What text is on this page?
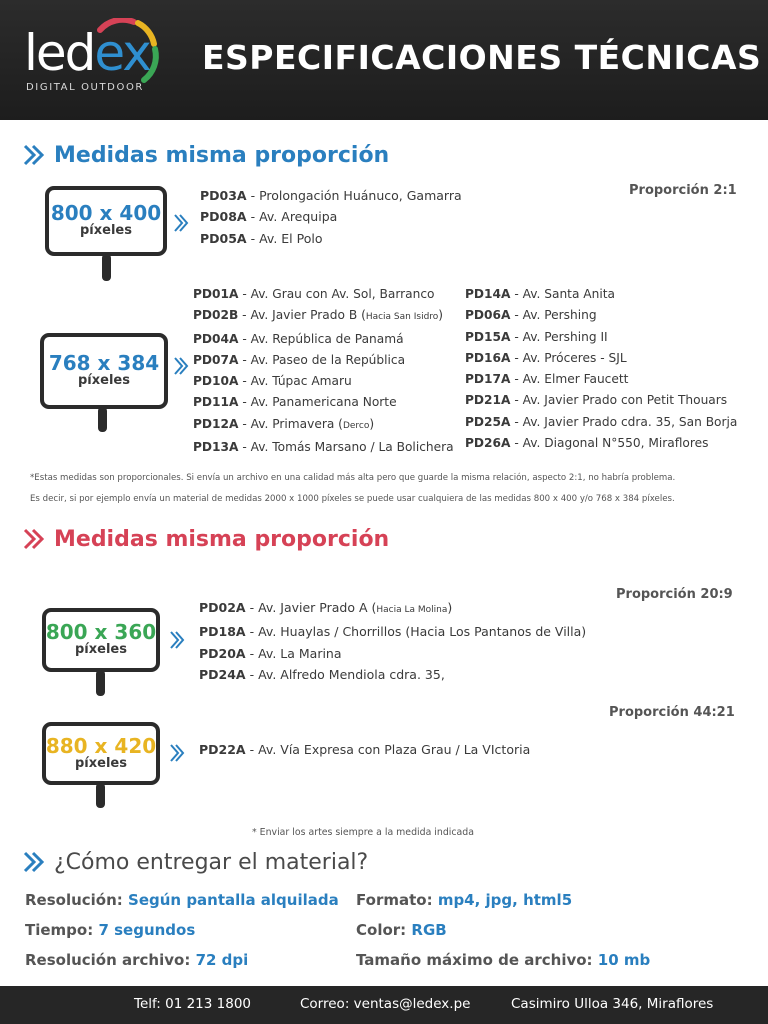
ledex
DIGITAL OUTDOOR
ESPECIFICACIONES TÉCNICAS
Medidas misma proporción
Proporción 2:1
800 x 400
píxeles
PD03A - Prolongación Huánuco, Gamarra
PD08A - Av. Arequipa
PD05A - Av. El Polo
768 x 384
píxeles
PD01A - Av. Grau con Av. Sol, Barranco
PD02B - Av. Javier Prado B (Hacia San Isidro)
PD04A - Av. República de Panamá
PD07A - Av. Paseo de la República
PD10A - Av. Túpac Amaru
PD11A - Av. Panamericana Norte
PD12A - Av. Primavera (Derco)
PD13A - Av. Tomás Marsano / La Bolichera
PD14A - Av. Santa Anita
PD06A - Av. Pershing
PD15A - Av. Pershing II
PD16A - Av. Próceres - SJL
PD17A - Av. Elmer Faucett
PD21A - Av. Javier Prado con Petit Thouars
PD25A - Av. Javier Prado cdra. 35, San Borja
PD26A - Av. Diagonal N°550, Miraflores
*Estas medidas son proporcionales. Si envía un archivo en una calidad más alta pero que guarde la misma relación, aspecto 2:1, no habría problema.
Es decir, si por ejemplo envía un material de medidas 2000 x 1000 píxeles se puede usar cualquiera de las medidas 800 x 400 y/o 768 x 384 píxeles.
Medidas misma proporción
Proporción 20:9
800 x 360
píxeles
PD02A - Av. Javier Prado A (Hacia La Molina)
PD18A - Av. Huaylas / Chorrillos (Hacia Los Pantanos de Villa)
PD20A - Av. La Marina
PD24A - Av. Alfredo Mendiola cdra. 35,
Proporción 44:21
880 x 420
píxeles
PD22A - Av. Vía Expresa con Plaza Grau / La VIctoria
* Enviar los artes siempre a la medida indicada
¿Cómo entregar el material?
Resolución: Según pantalla alquilada
Tiempo: 7 segundos
Resolución archivo: 72 dpi
Formato: mp4, jpg, html5
Color: RGB
Tamaño máximo de archivo: 10 mb
Telf: 01 213 1800	Correo: ventas@ledex.pe	Casimiro Ulloa 346, Miraflores
